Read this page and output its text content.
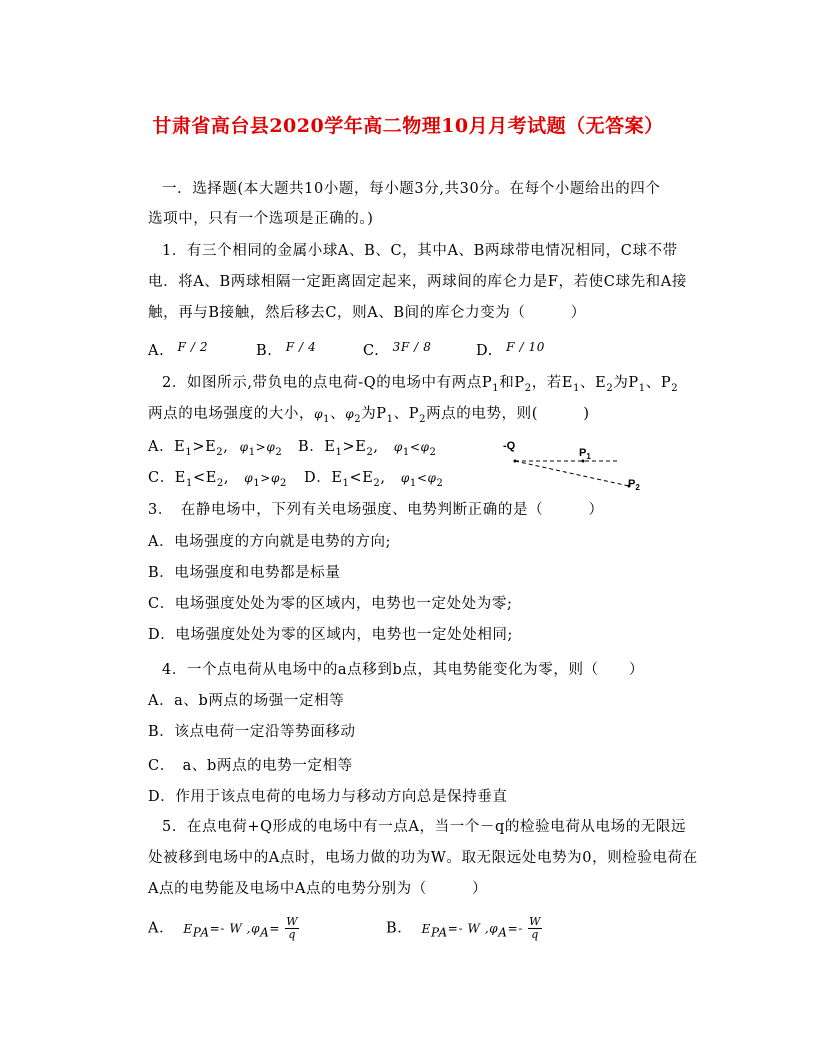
甘肃省高台县2020学年高二物理10月月考试题（无答案）
一．选择题(本大题共10小题，每小题3分,共30分。在每个小题给出的四个
选项中，只有一个选项是正确的。)
1．有三个相同的金属小球A、B、C，其中A、B两球带电情况相同，C球不带
电．将A、B两球相隔一定距离固定起来，两球间的库仑力是F，若使C球先和A接
触，再与B接触，然后移去C，则A、B间的库仑力变为（　　　）
A. $^{F / 2}$	B. $^{F / 4}$	C. $^{3F / 8}$	D. $^{F / 10}$
2．如图所示,带负电的点电荷-Q的电场中有两点$P_1$和$P_2$，若$E_1$、$E_2$为$P_1$、$P_2$
两点的电场强度的大小，$\varphi_1$、$\varphi_2$为$P_1$、$P_2$两点的电势，则(　　　)
A．$E_1>E_2$, $\varphi_1>\varphi_2$ B．$E_1>E_2$, $\varphi_1<\varphi_2$
C．$E_1<E_2$, $\varphi_1>\varphi_2$ D．$E_1<E_2$, $\varphi_1<\varphi_2$
-Q
$P_1$
$P_2$
3．　在静电场中，下列有关电场强度、电势判断正确的是（　　　）
A．电场强度的方向就是电势的方向;
B．电场强度和电势都是标量
C．电场强度处处为零的区域内，电势也一定处处为零;
D．电场强度处处为零的区域内，电势也一定处处相同;
4．一个点电荷从电场中的a点移到b点，其电势能变化为零，则（　　）
A．a、b两点的场强一定相等
B．该点电荷一定沿等势面移动
C．　a、b两点的电势一定相等
D．作用于该点电荷的电场力与移动方向总是保持垂直
5．在点电荷+Q形成的电场中有一点A，当一个－q的检验电荷从电场的无限远
处被移到电场中的A点时，电场力做的功为W。取无限远处电势为0，则检验电荷在
A点的电势能及电场中A点的电势分别为（　　　）
A． $E_{PA}=-$ W $,\varphi_A= \frac{W}{q}$	B． $E_{PA}=-$ W $,\varphi_A=- \frac{W}{q}$
